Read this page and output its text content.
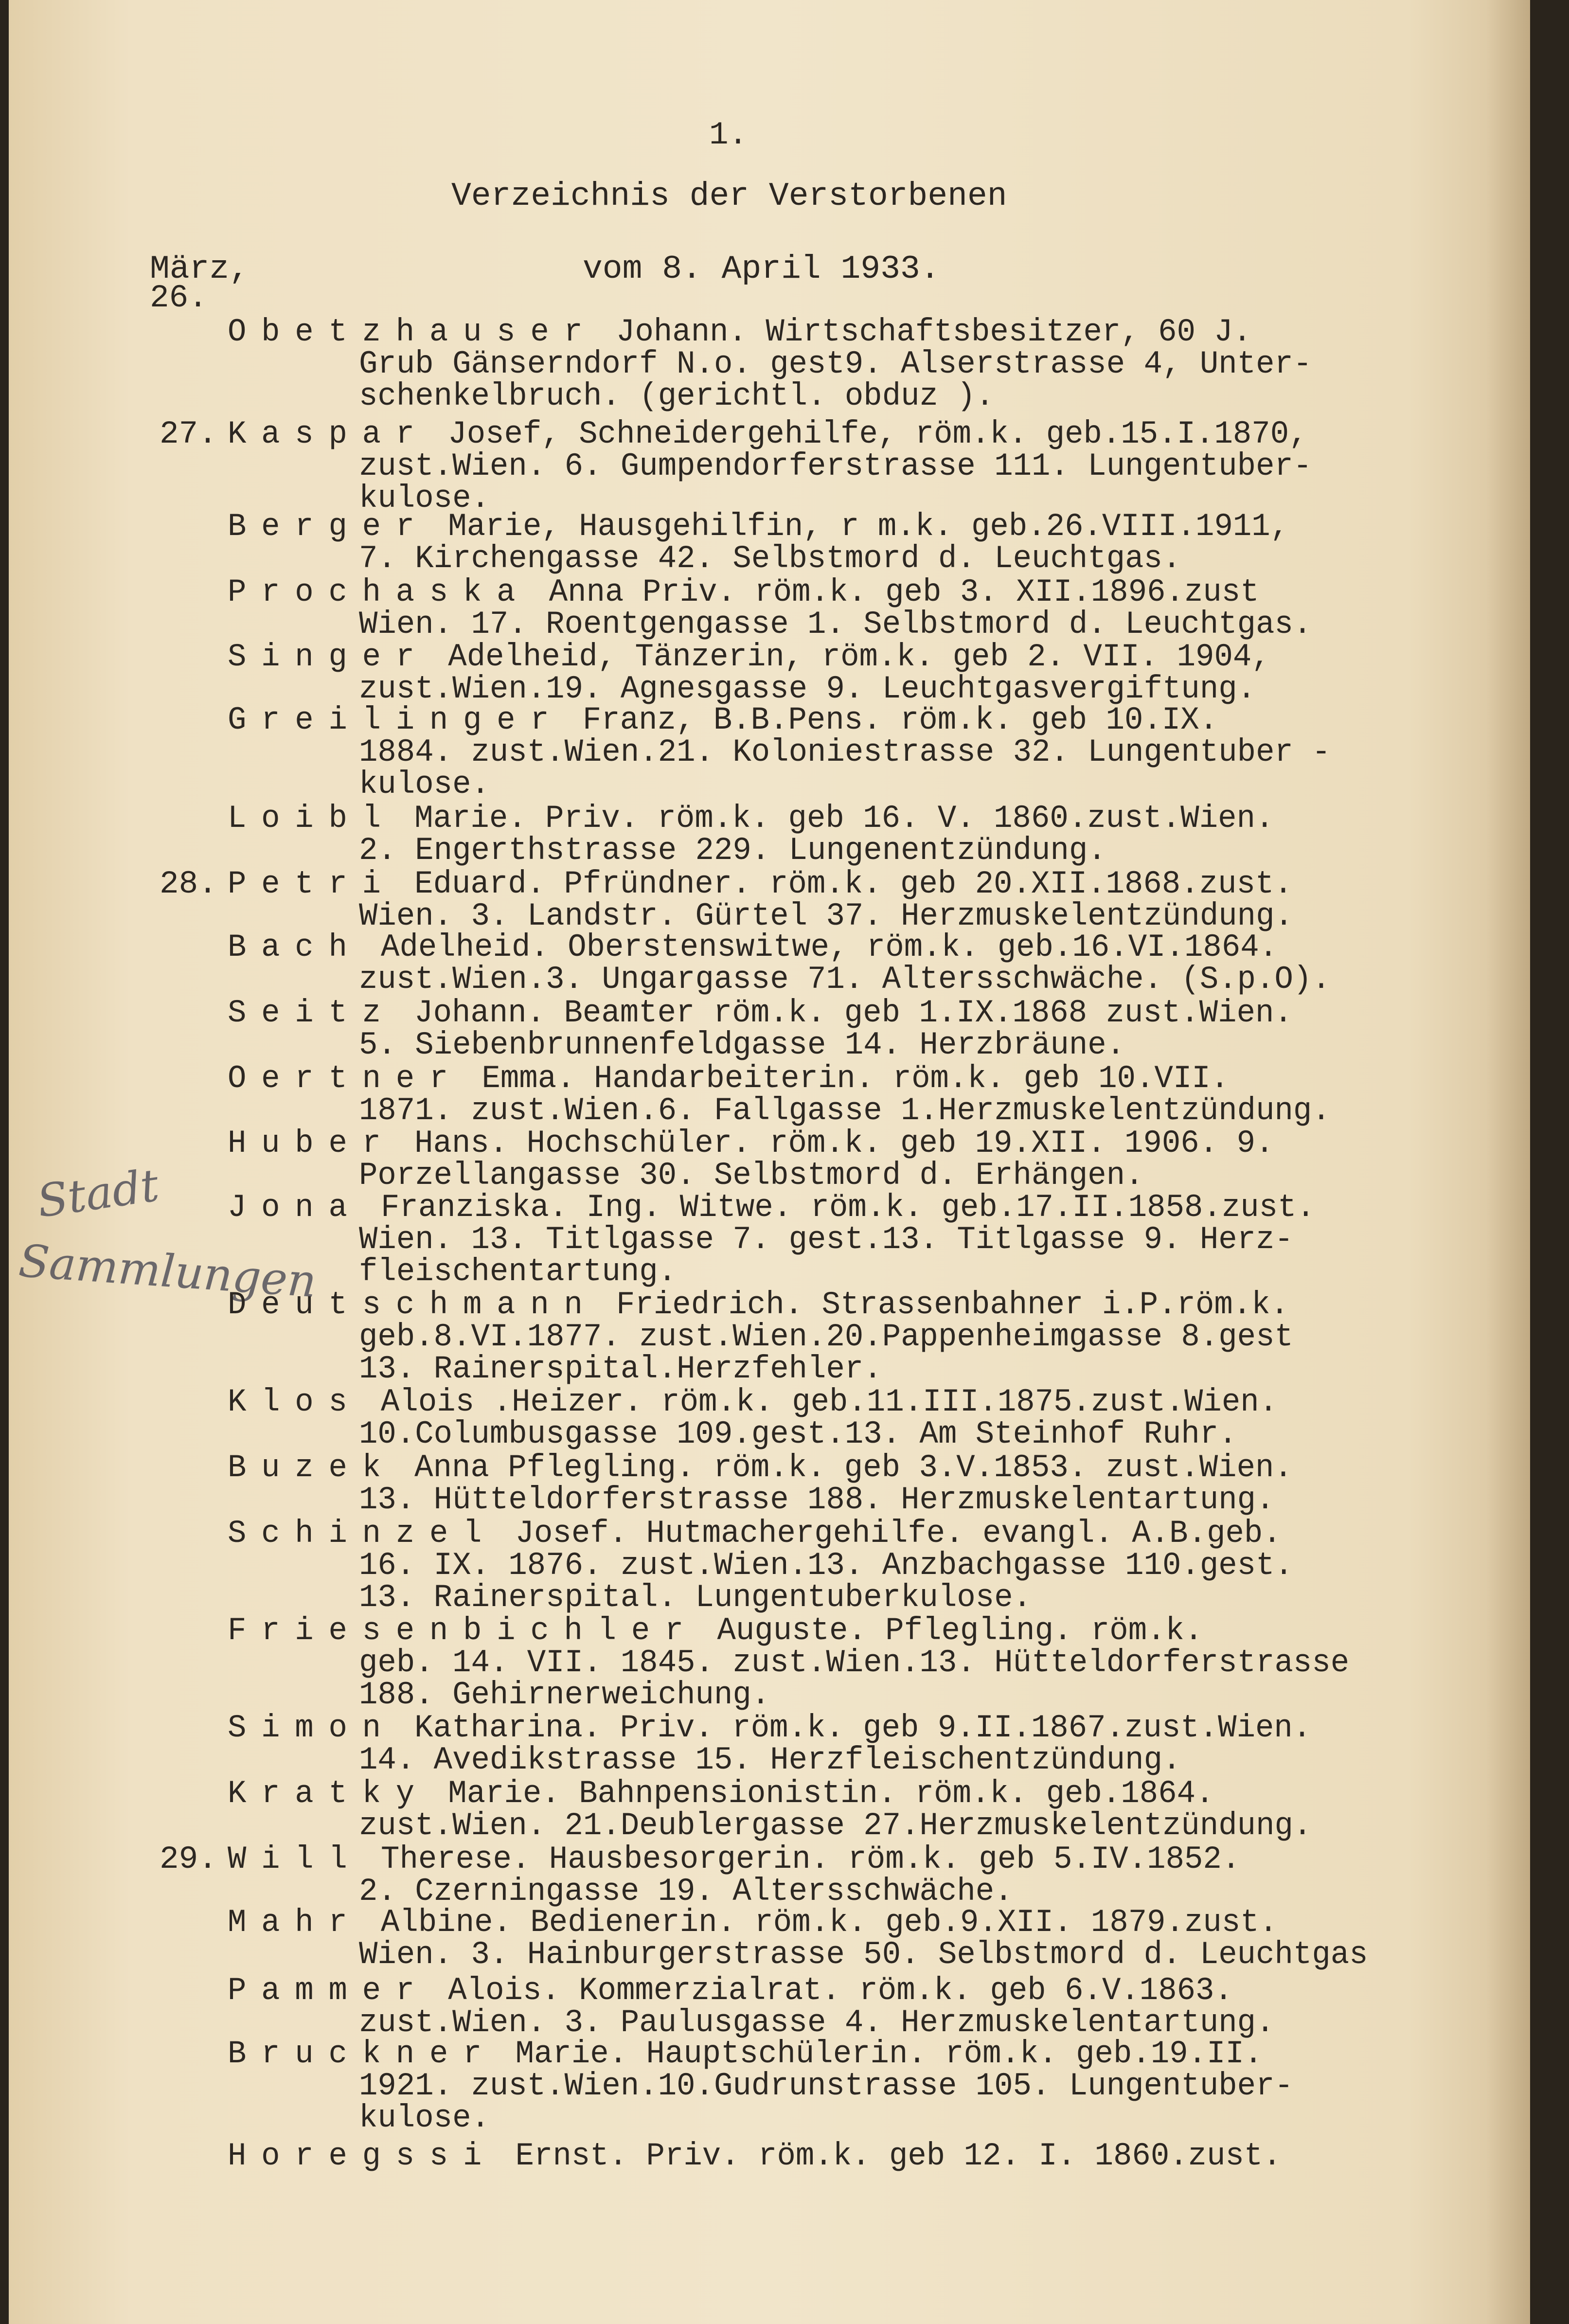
1.
Verzeichnis der Verstorbenen
März,	vom 8. April 1933.
Stadt
Sammlungen
26.
Obetzhauser Johann. Wirtschaftsbesitzer, 60 J.
Grub Gänserndorf N.o. gest9. Alserstrasse 4, Unter-
schenkelbruch. (gerichtl. obduz ).
27. Kaspar Josef, Schneidergehilfe, röm.k. geb.15.I.1870,
zust.Wien. 6. Gumpendorferstrasse 111. Lungentuber-
kulose.
Berger Marie, Hausgehilfin, r m.k. geb.26.VIII.1911,
7. Kirchengasse 42. Selbstmord d. Leuchtgas.
Prochaska Anna Priv. röm.k. geb 3. XII.1896.zust
Wien. 17. Roentgengasse 1. Selbstmord d. Leuchtgas.
Singer Adelheid, Tänzerin, röm.k. geb 2. VII. 1904,
zust.Wien.19. Agnesgasse 9. Leuchtgasvergiftung.
Greilinger Franz, B.B.Pens. röm.k. geb 10.IX.
1884. zust.Wien.21. Koloniestrasse 32. Lungentuber -
kulose.
Loibl Marie. Priv. röm.k. geb 16. V. 1860.zust.Wien.
2. Engerthstrasse 229. Lungenentzündung.
28. Petri Eduard. Pfründner. röm.k. geb 20.XII.1868.zust.
Wien. 3. Landstr. Gürtel 37. Herzmuskelentzündung.
Bach Adelheid. Oberstenswitwe, röm.k. geb.16.VI.1864.
zust.Wien.3. Ungargasse 71. Altersschwäche. (S.p.O).
Seitz Johann. Beamter röm.k. geb 1.IX.1868 zust.Wien.
5. Siebenbrunnenfeldgasse 14. Herzbräune.
Oertner Emma. Handarbeiterin. röm.k. geb 10.VII.
1871. zust.Wien.6. Fallgasse 1.Herzmuskelentzündung.
Huber Hans. Hochschüler. röm.k. geb 19.XII. 1906. 9.
Porzellangasse 30. Selbstmord d. Erhängen.
Jona Franziska. Ing. Witwe. röm.k. geb.17.II.1858.zust.
Wien. 13. Titlgasse 7. gest.13. Titlgasse 9. Herz-
fleischentartung.
Deutschmann Friedrich. Strassenbahner i.P.röm.k.
geb.8.VI.1877. zust.Wien.20.Pappenheimgasse 8.gest
13. Rainerspital.Herzfehler.
Klos Alois .Heizer. röm.k. geb.11.III.1875.zust.Wien.
10.Columbusgasse 109.gest.13. Am Steinhof Ruhr.
Buzek Anna Pflegling. röm.k. geb 3.V.1853. zust.Wien.
13. Hütteldorferstrasse 188. Herzmuskelentartung.
Schinzel Josef. Hutmachergehilfe. evangl. A.B.geb.
16. IX. 1876. zust.Wien.13. Anzbachgasse 110.gest.
13. Rainerspital. Lungentuberkulose.
Friesenbichler Auguste. Pflegling. röm.k.
geb. 14. VII. 1845. zust.Wien.13. Hütteldorferstrasse
188. Gehirnerweichung.
Simon Katharina. Priv. röm.k. geb 9.II.1867.zust.Wien.
14. Avedikstrasse 15. Herzfleischentzündung.
Kratky Marie. Bahnpensionistin. röm.k. geb.1864.
zust.Wien. 21.Deublergasse 27.Herzmuskelentzündung.
29. Will Therese. Hausbesorgerin. röm.k. geb 5.IV.1852.
2. Czerningasse 19. Altersschwäche.
Mahr Albine. Bedienerin. röm.k. geb.9.XII. 1879.zust.
Wien. 3. Hainburgerstrasse 50. Selbstmord d. Leuchtgas
Pammer Alois. Kommerzialrat. röm.k. geb 6.V.1863.
zust.Wien. 3. Paulusgasse 4. Herzmuskelentartung.
Bruckner Marie. Hauptschülerin. röm.k. geb.19.II.
1921. zust.Wien.10.Gudrunstrasse 105. Lungentuber-
kulose.
Horegssi Ernst. Priv. röm.k. geb 12. I. 1860.zust.
